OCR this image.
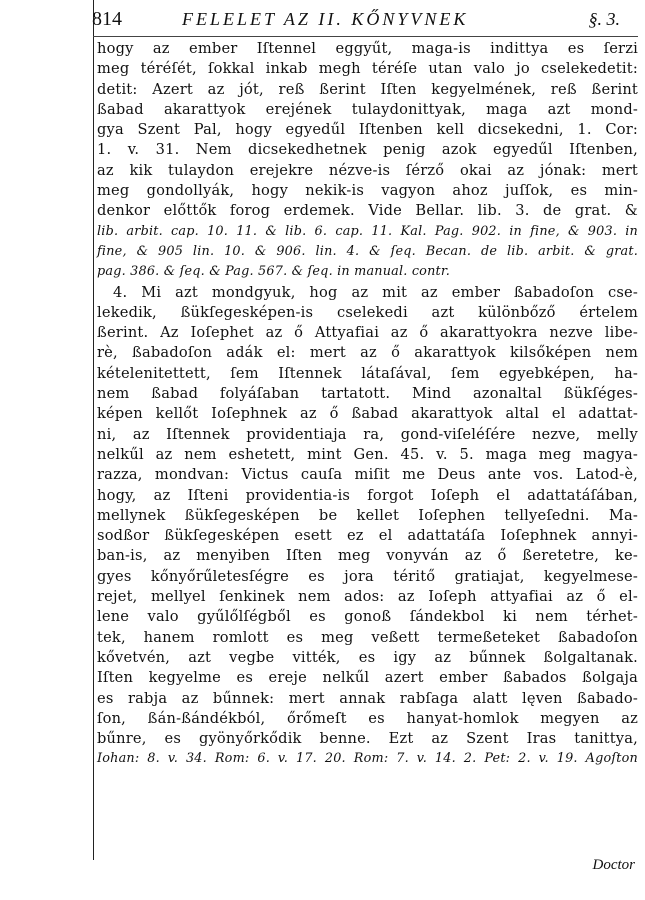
814	FELELET AZ II. KŐNYVNEK	§. 3.
hogy az ember Iſtennel eggyűt, maga-is indittya es ſerzi
meg téréſét, ſokkal inkab megh téréſe utan valo jo cselekedetit:
detit: Azert az jót, reß ßerint Iſten kegyelmének, reß ßerint
ßabad akarattyok erejének tulaydonittyak, maga azt mond-
gya Szent Pal, hogy egyedűl Iſtenben kell dicsekedni, 1. Cor:
1. v. 31. Nem dicsekedhetnek penig azok egyedűl Iſtenben,
az kik tulaydon erejekre nézve-is ſérző okai az jónak: mert
meg gondollyák, hogy nekik-is vagyon ahoz juſſok, es min-
denkor előttők forog erdemek. Vide Bellar. lib. 3. de grat. &
lib. arbit. cap. 10. 11. & lib. 6. cap. 11. Kal. Pag. 902. in fine, & 903. in
fine, & 905 lin. 10. & 906. lin. 4. & ſeq. Becan. de lib. arbit. & grat.
pag. 386. & ſeq. & Pag. 567. & ſeq. in manual. contr.
4. Mi azt mondgyuk, hog az mit az ember ßabadoſon cse-
lekedik, ßükſegesképen-is cselekedi azt különbőző értelem
ßerint. Az Ioſephet az ő Attyafiai az ő akarattyokra nezve libe-
rè, ßabadoſon adák el: mert az ő akarattyok kilsőképen nem
kételenitettett, ſem Iſtennek látaſával, ſem egyebképen, ha-
nem ßabad folyáſaban tartatott. Mind azonaltal ßükſéges-
képen kellőt Ioſephnek az ő ßabad akarattyok altal el adattat-
ni, az Iſtennek providentiaja ra, gond-viſeléſére nezve, melly
nelkűl az nem eshetett, mint Gen. 45. v. 5. maga meg magya-
razza, mondvan: Victus cauſa miſit me Deus ante vos. Latod-è,
hogy, az Iſteni providentia-is forgot Ioſeph el adattatáſában,
mellynek ßükſegesképen be kellet Ioſephen tellyeſedni. Ma-
sodßor ßükſegesképen esett ez el adattatáſa Ioſephnek annyi-
ban-is, az menyiben Iſten meg vonyván az ő ßeretetre, ke-
gyes kőnyőrűletesſégre es jora téritő gratiajat, kegyelmese-
rejet, mellyel ſenkinek nem ados: az Ioſeph attyafiai az ő el-
lene valo gyűlőlſégből es gonoß ſándekbol ki nem térhet-
tek, hanem romlott es meg veßett termeßeteket ßabadoſon
kővetvén, azt vegbe vitték, es igy az bűnnek ßolgaltanak.
Iſten kegyelme es ereje nelkűl azert ember ßabados ßolgaja
es rabja az bűnnek: mert annak rabſaga alatt lęven ßabado-
ſon, ßán-ßándékból, őrőmeſt es hanyat-homlok megyen az
bűnre, es gyönyőrkődik benne. Ezt az Szent Iras tanittya,
Iohan: 8. v. 34. Rom: 6. v. 17. 20. Rom: 7. v. 14. 2. Pet: 2. v. 19. Agoſton
Doctor
